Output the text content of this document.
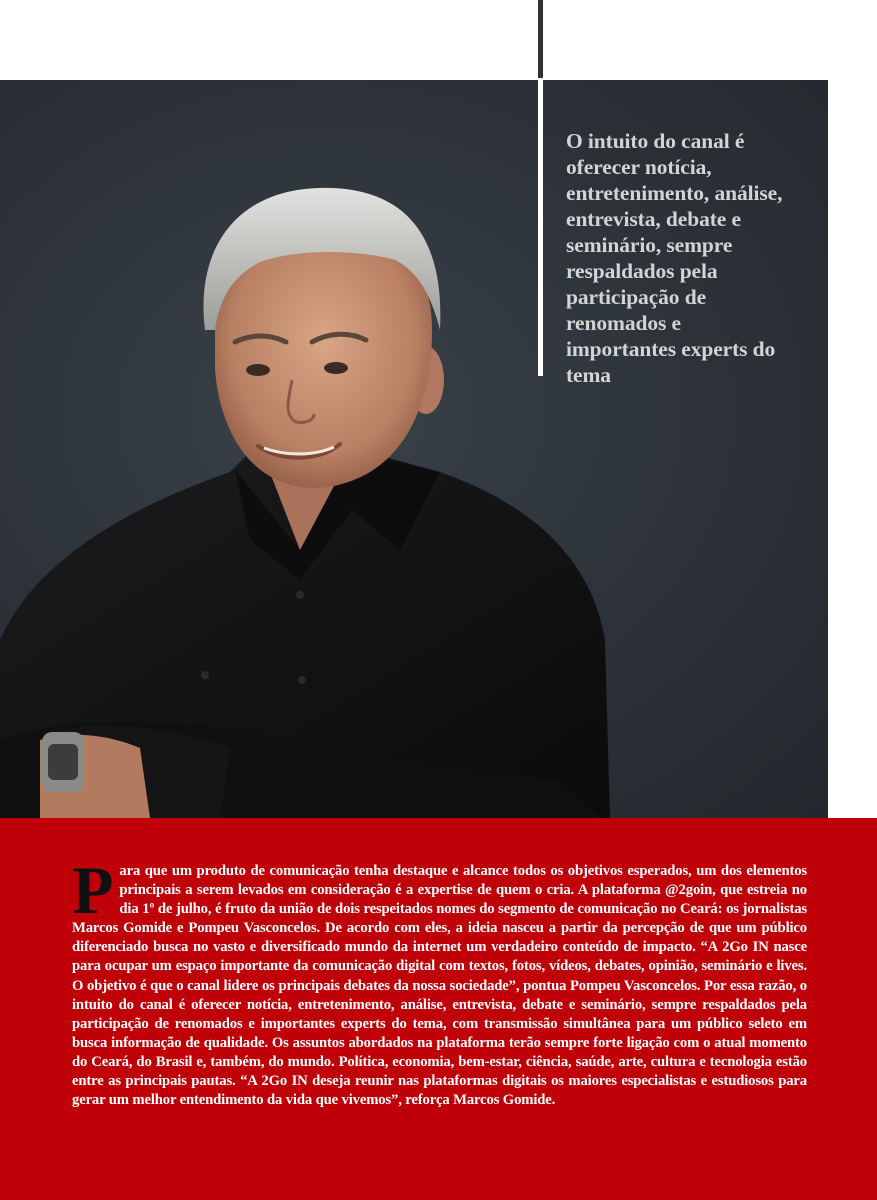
O intuito do canal é oferecer notícia, entretenimento, análise, entrevista, debate e seminário, sempre respaldados pela participação de renomados e importantes experts do tema
P ara que um produto de comunicação tenha destaque e alcance todos os objetivos esperados, um dos elementos principais a serem levados em consideração é a expertise de quem o cria. A plataforma @2goin, que estreia no dia 1º de julho, é fruto da união de dois respeitados nomes do segmento de comunicação no Ceará: os jornalistas Marcos Gomide e Pompeu Vasconcelos. De acordo com eles, a ideia nasceu a partir da percepção de que um público diferenciado busca no vasto e diversificado mundo da internet um verdadeiro conteúdo de impacto. “A 2Go IN nasce para ocupar um espaço importante da comunicação digital com textos, fotos, vídeos, debates, opinião, seminário e lives. O objetivo é que o canal lidere os principais debates da nossa sociedade”, pontua Pompeu Vasconcelos. Por essa razão, o intuito do canal é oferecer notícia, entretenimento, análise, entrevista, debate e seminário, sempre respaldados pela participação de renomados e importantes experts do tema, com transmissão simultânea para um público seleto em busca informação de qualidade. Os assuntos abordados na plataforma terão sempre forte ligação com o atual momento do Ceará, do Brasil e, também, do mundo. Política, economia, bem-estar, ciência, saúde, arte, cultura e tecnologia estão entre as principais pautas. “A 2Go IN deseja reunir nas plataformas digitais os maiores especialistas e estudiosos para gerar um melhor entendimento da vida que vivemos”, reforça Marcos Gomide.
